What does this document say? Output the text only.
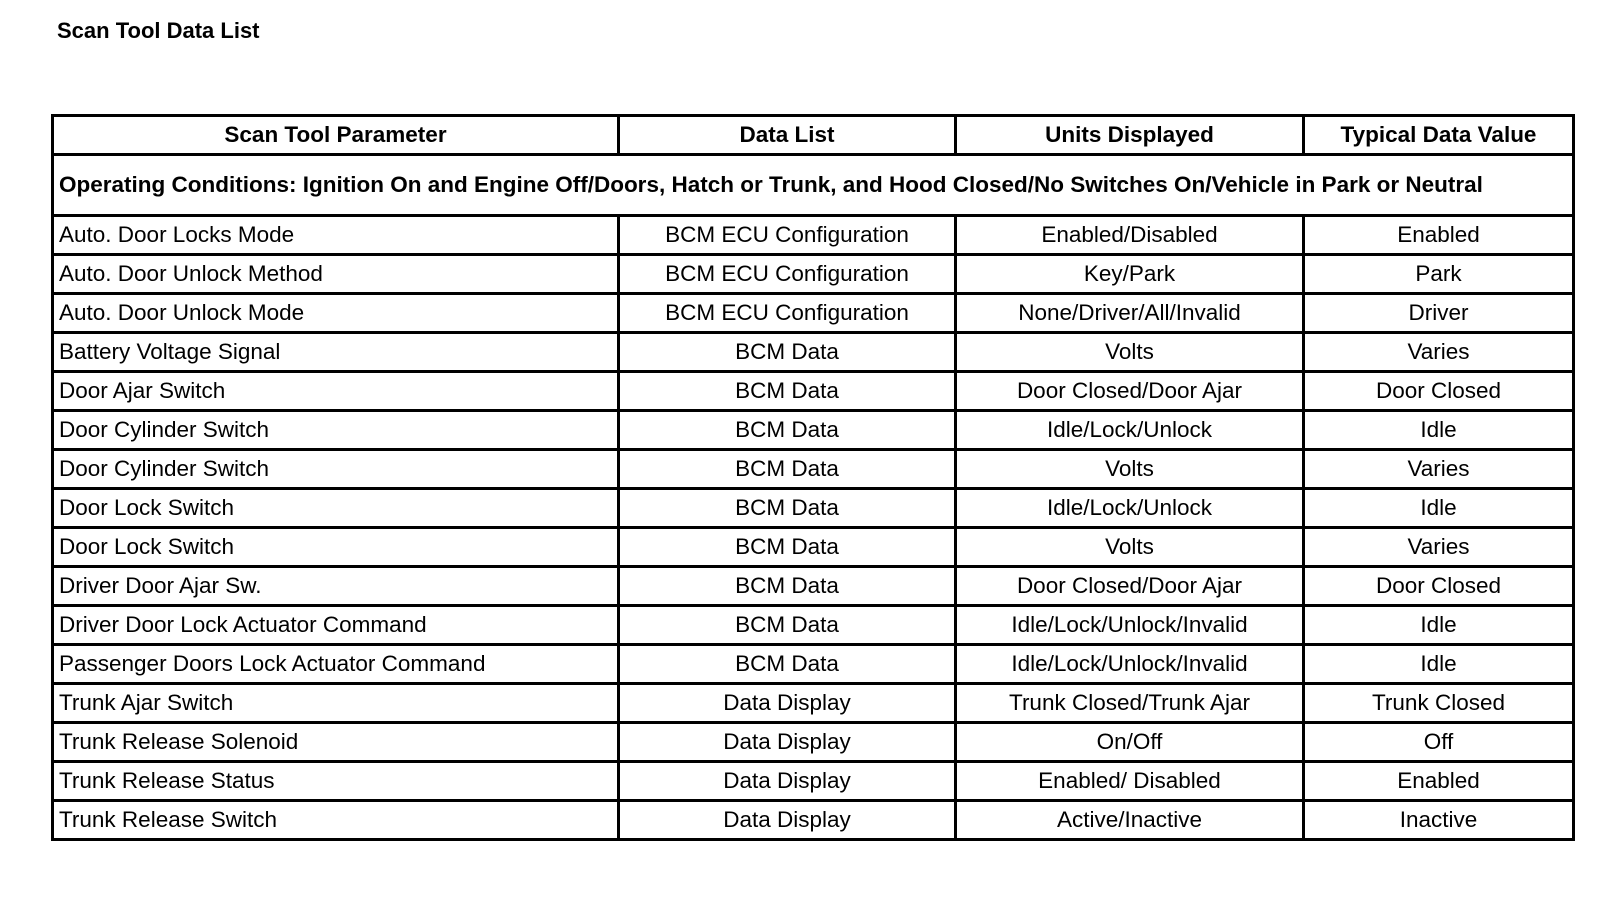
Scan Tool Data List
Scan Tool Parameter	Data List	Units Displayed	Typical Data Value
Operating Conditions: Ignition On and Engine Off/Doors, Hatch or Trunk, and Hood Closed/No Switches On/Vehicle in Park or Neutral			
Auto. Door Locks Mode	BCM ECU Configuration	Enabled/Disabled	Enabled
Auto. Door Unlock Method	BCM ECU Configuration	Key/Park	Park
Auto. Door Unlock Mode	BCM ECU Configuration	None/Driver/All/Invalid	Driver
Battery Voltage Signal	BCM Data	Volts	Varies
Door Ajar Switch	BCM Data	Door Closed/Door Ajar	Door Closed
Door Cylinder Switch	BCM Data	Idle/Lock/Unlock	Idle
Door Cylinder Switch	BCM Data	Volts	Varies
Door Lock Switch	BCM Data	Idle/Lock/Unlock	Idle
Door Lock Switch	BCM Data	Volts	Varies
Driver Door Ajar Sw.	BCM Data	Door Closed/Door Ajar	Door Closed
Driver Door Lock Actuator Command	BCM Data	Idle/Lock/Unlock/Invalid	Idle
Passenger Doors Lock Actuator Command	BCM Data	Idle/Lock/Unlock/Invalid	Idle
Trunk Ajar Switch	Data Display	Trunk Closed/Trunk Ajar	Trunk Closed
Trunk Release Solenoid	Data Display	On/Off	Off
Trunk Release Status	Data Display	Enabled/ Disabled	Enabled
Trunk Release Switch	Data Display	Active/Inactive	Inactive
